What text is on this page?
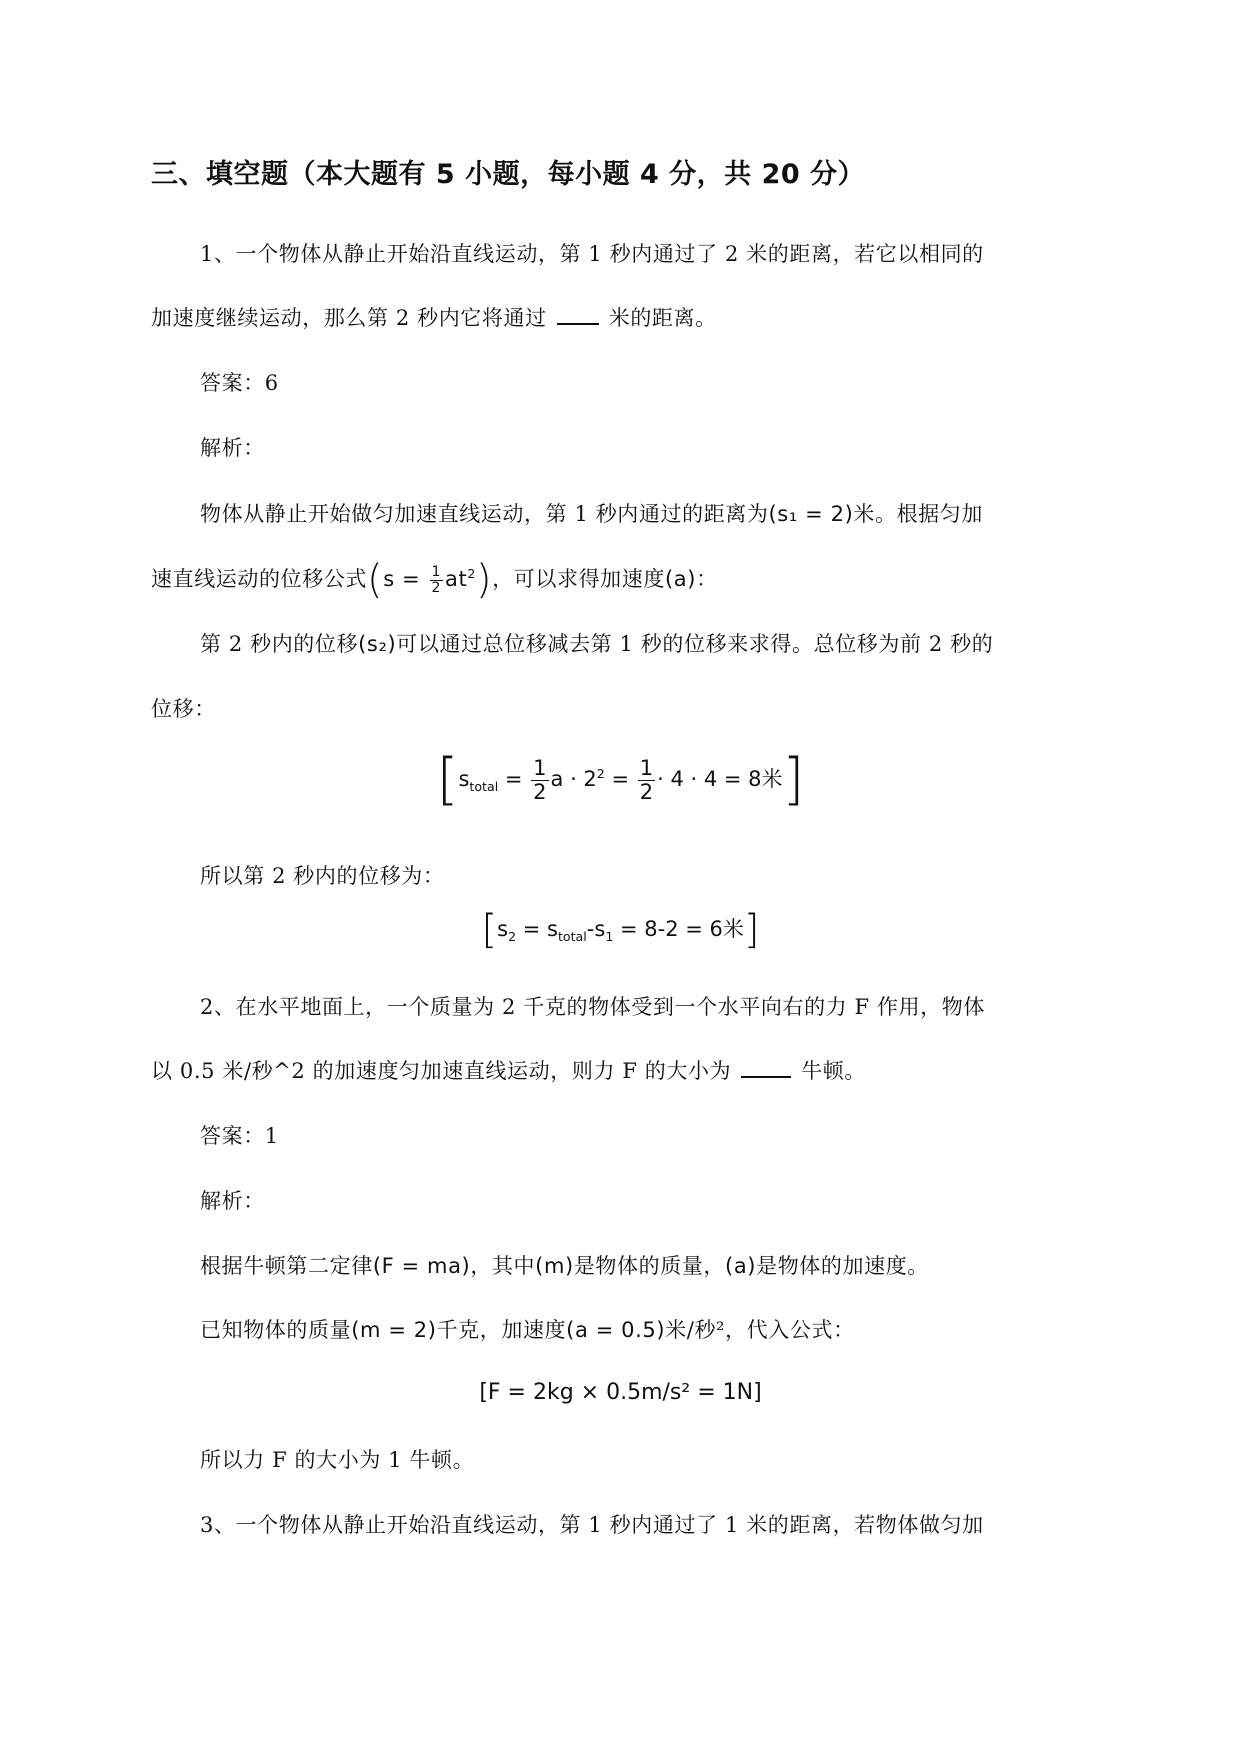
三、填空题（本大题有 5 小题，每小题 4 分，共 20 分）
1、一个物体从静止开始沿直线运动，第 1 秒内通过了 2 米的距离，若它以相同的
加速度继续运动，那么第 2 秒内它将通过	米的距离。
答案：6
解析：
物体从静止开始做匀加速直线运动，第 1 秒内通过的距离为(s₁ = 2)米。根据匀加
速直线运动的位移公式$(s = \frac{1}{2} at^2)$，可以求得加速度(a)：
第 2 秒内的位移(s₂)可以通过总位移减去第 1 秒的位移来求得。总位移为前 2 秒的
位移：
[$s_{total} = \frac{1}{2}$ $a \cdot 2^2 = \frac{1}{2} \cdot 4 \cdot 4 = 8$米]
所以第 2 秒内的位移为：
[$s_2 = s_{total}-s_1 = 8-2 = 6$米]
2、在水平地面上，一个质量为 2 千克的物体受到一个水平向右的力 F 作用，物体
以 0.5 米/秒^2 的加速度匀加速直线运动，则力 F 的大小为	牛顿。
答案：1
解析：
根据牛顿第二定律(F = ma)，其中(m)是物体的质量，(a)是物体的加速度。
已知物体的质量(m = 2)千克，加速度(a = 0.5)米/秒²，代入公式：
[F = 2kg × 0.5m/s² = 1N]
所以力 F 的大小为 1 牛顿。
3、一个物体从静止开始沿直线运动，第 1 秒内通过了 1 米的距离，若物体做匀加
